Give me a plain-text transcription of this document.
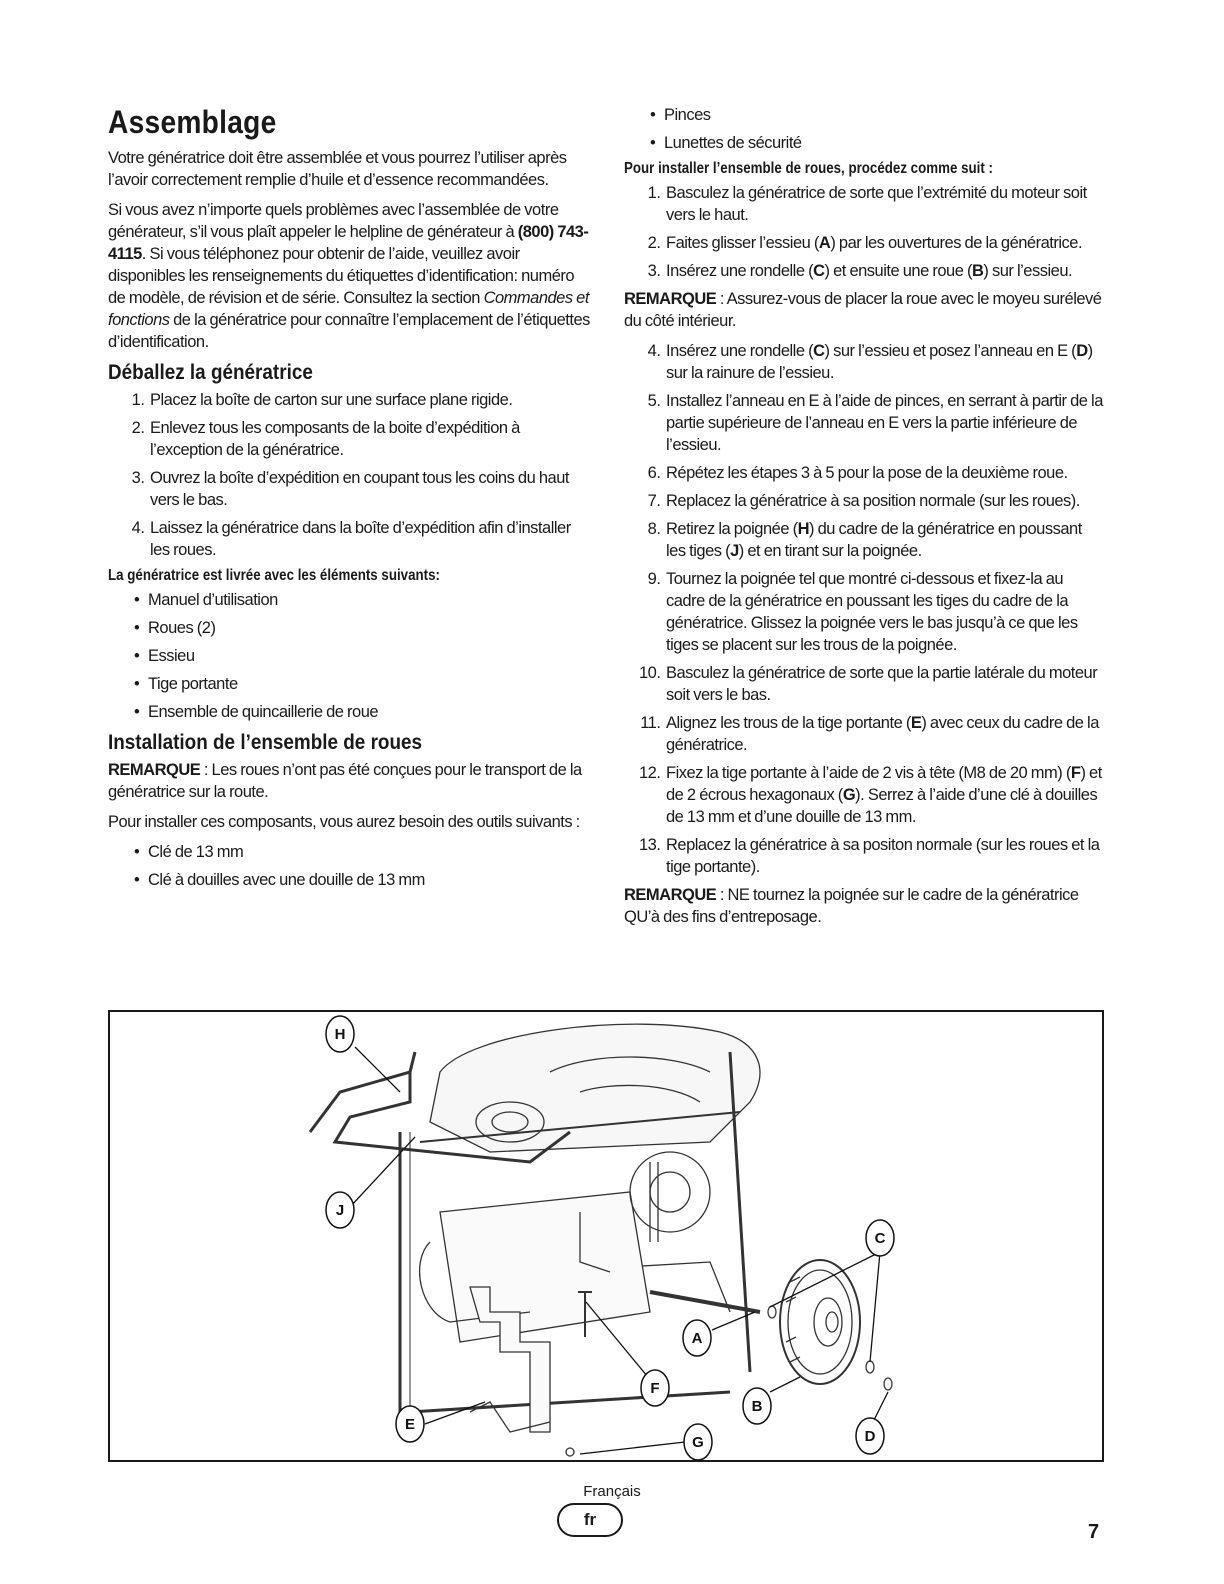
Assemblage

Votre génératrice doit être assemblée et vous pourrez l’utiliser après l’avoir correctement remplie d’huile et d’essence recommandées.

Si vous avez n’importe quels problèmes avec l’assemblée de votre générateur, s’il vous plaît appeler le helpline de générateur à (800) 743-4115. Si vous téléphonez pour obtenir de l’aide, veuillez avoir disponibles les renseignements du étiquettes d’identification: numéro de modèle, de révision et de série. Consultez la section Commandes et fonctions de la génératrice pour connaître l’emplacement de l’étiquettes d’identification.

Déballez la génératrice
1. Placez la boîte de carton sur une surface plane rigide.
2. Enlevez tous les composants de la boite d’expédition à l’exception de la génératrice.
3. Ouvrez la boîte d’expédition en coupant tous les coins du haut vers le bas.
4. Laissez la génératrice dans la boîte d’expédition afin d’installer les roues.
La génératrice est livrée avec les éléments suivants:
• Manuel d’utilisation
• Roues (2)
• Essieu
• Tige portante
• Ensemble de quincaillerie de roue
Installation de l’ensemble de roues

REMARQUE : Les roues n’ont pas été conçues pour le transport de la génératrice sur la route.

Pour installer ces composants, vous aurez besoin des outils suivants :

• Clé de 13 mm
• Clé à douilles avec une douille de 13 mm
• Pinces
• Lunettes de sécurité
Pour installer l’ensemble de roues, procédez comme suit :
1. Basculez la génératrice de sorte que l’extrémité du moteur soit vers le haut.
2. Faites glisser l’essieu (A) par les ouvertures de la génératrice.
3. Insérez une rondelle (C) et ensuite une roue (B) sur l’essieu.

REMARQUE : Assurez-vous de placer la roue avec le moyeu surélevé du côté intérieur.

4. Insérez une rondelle (C) sur l’essieu et posez l’anneau en E (D) sur la rainure de l’essieu.
5. Installez l’anneau en E à l’aide de pinces, en serrant à partir de la partie supérieure de l’anneau en E vers la partie inférieure de l’essieu.
6. Répétez les étapes 3 à 5 pour la pose de la deuxième roue.
7. Replacez la génératrice à sa position normale (sur les roues).
8. Retirez la poignée (H) du cadre de la génératrice en poussant les tiges (J) et en tirant sur la poignée.
9. Tournez la poignée tel que montré ci-dessous et fixez-la au cadre de la génératrice en poussant les tiges du cadre de la génératrice. Glissez la poignée vers le bas jusqu’à ce que les tiges se placent sur les trous de la poignée.
10. Basculez la génératrice de sorte que la partie latérale du moteur soit vers le bas.
11. Alignez les trous de la tige portante (E) avec ceux du cadre de la génératrice.
12. Fixez la tige portante à l’aide de 2 vis à tête (M8 de 20 mm) (F) et de 2 écrous hexagonaux (G). Serrez à l’aide d’une clé à douilles de 13 mm et d’une douille de 13 mm.
13. Replacez la génératrice à sa positon normale (sur les roues et la tige portante).

REMARQUE : NE tournez la poignée sur le cadre de la génératrice QU’à des fins d’entreposage.

H
J
C
A
F
B
E
G	D
Français
fr
7
